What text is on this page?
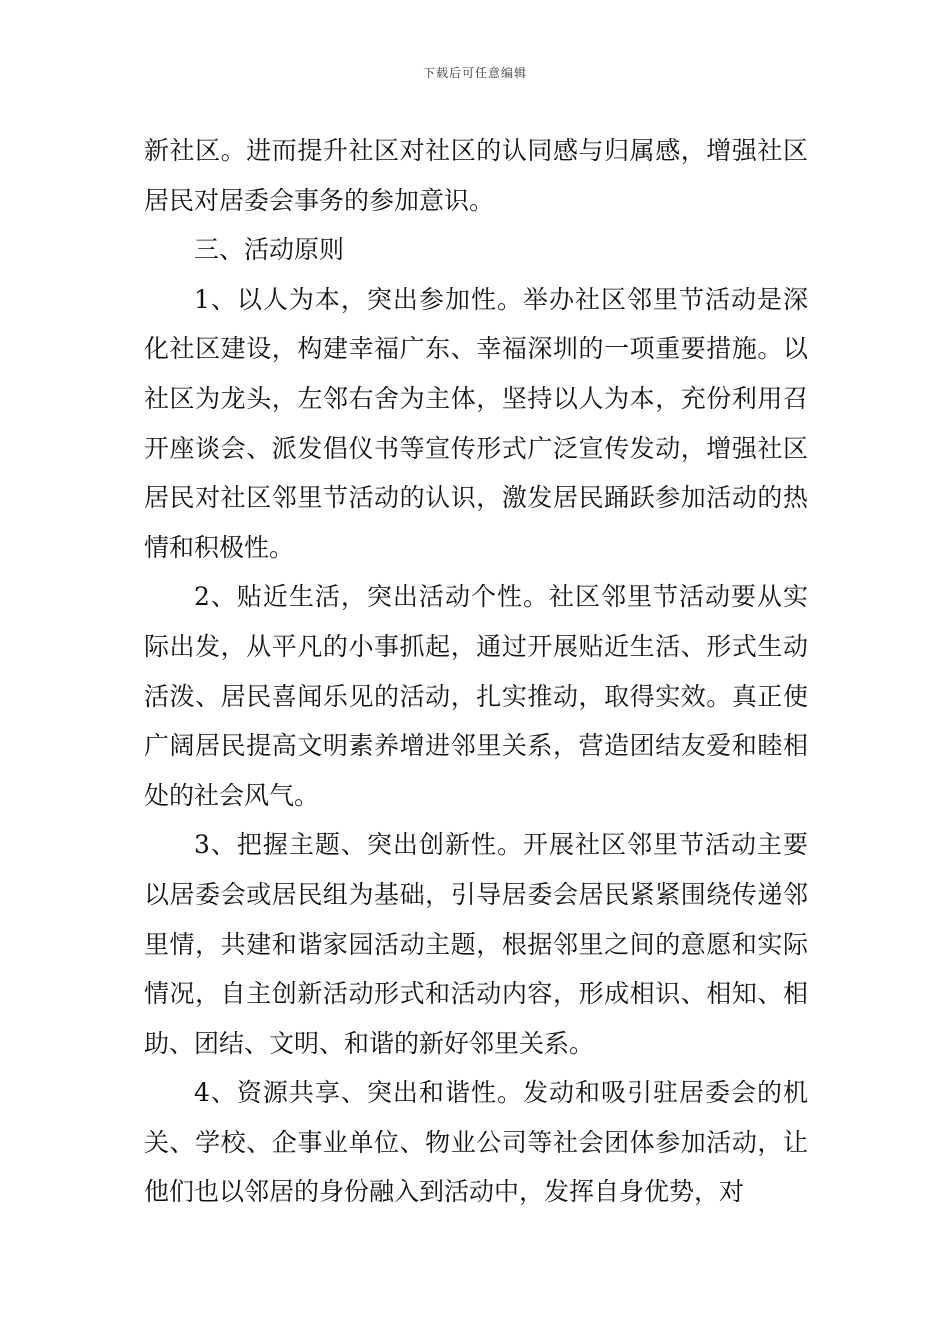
下载后可任意编辑

新社区。进而提升社区对社区的认同感与归属感，增强社区居民对居委会事务的参加意识。

三、活动原则

1、以人为本，突出参加性。举办社区邻里节活动是深化社区建设，构建幸福广东、幸福深圳的一项重要措施。以社区为龙头，左邻右舍为主体，坚持以人为本，充份利用召开座谈会、派发倡仪书等宣传形式广泛宣传发动，增强社区居民对社区邻里节活动的认识，激发居民踊跃参加活动的热情和积极性。

2、贴近生活，突出活动个性。社区邻里节活动要从实际出发，从平凡的小事抓起，通过开展贴近生活、形式生动活泼、居民喜闻乐见的活动，扎实推动，取得实效。真正使广阔居民提高文明素养增进邻里关系，营造团结友爱和睦相处的社会风气。

3、把握主题、突出创新性。开展社区邻里节活动主要以居委会或居民组为基础，引导居委会居民紧紧围绕传递邻里情，共建和谐家园活动主题，根据邻里之间的意愿和实际情况，自主创新活动形式和活动内容，形成相识、相知、相助、团结、文明、和谐的新好邻里关系。

4、资源共享、突出和谐性。发动和吸引驻居委会的机关、学校、企事业单位、物业公司等社会团体参加活动，让他们也以邻居的身份融入到活动中，发挥自身优势，对
